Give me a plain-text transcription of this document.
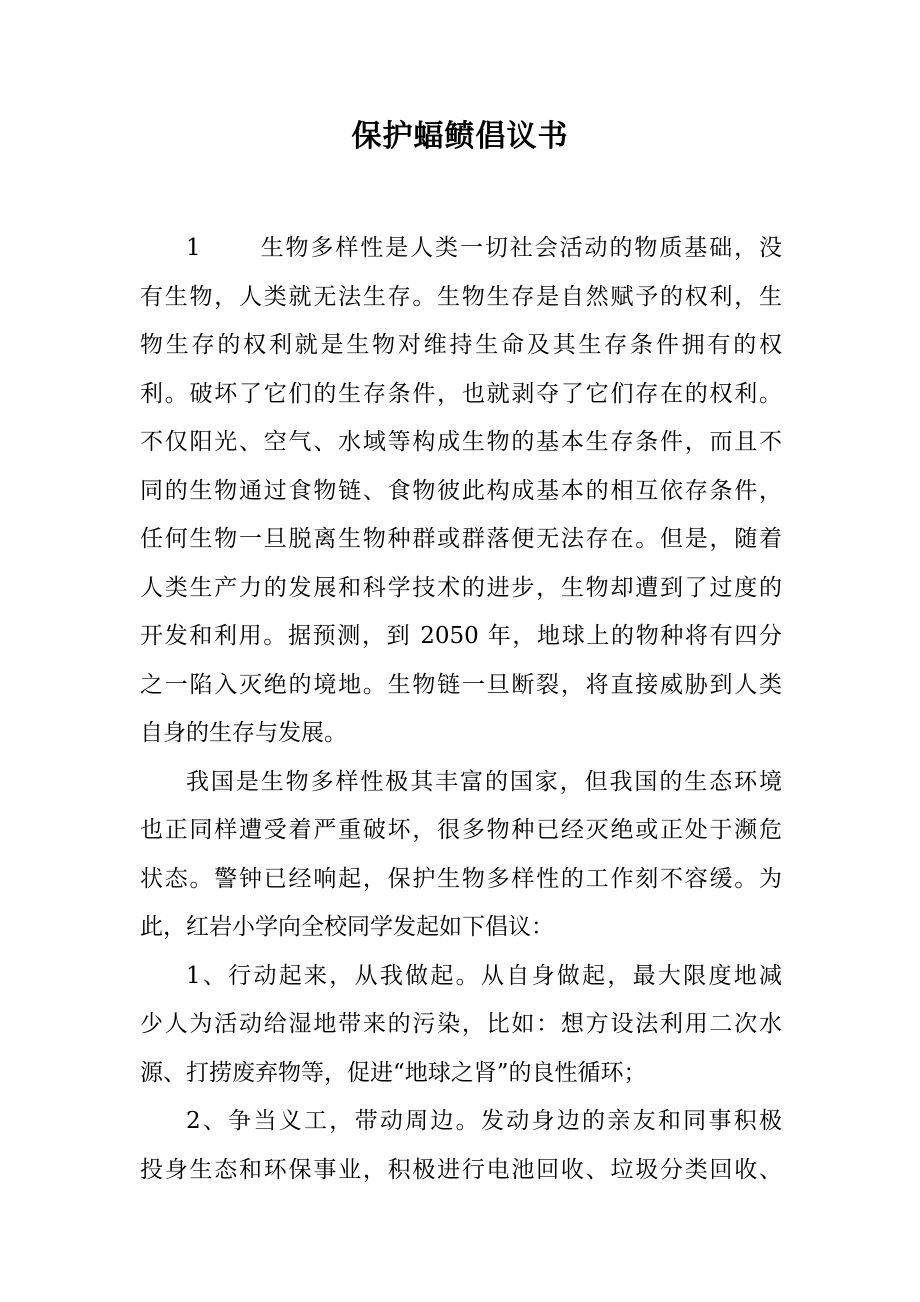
保护蝠鲼倡议书
1	生物多样性是人类一切社会活动的物质基础，没
有生物，人类就无法生存。生物生存是自然赋予的权利，生
物生存的权利就是生物对维持生命及其生存条件拥有的权
利。破坏了它们的生存条件，也就剥夺了它们存在的权利。
不仅阳光、空气、水域等构成生物的基本生存条件，而且不
同的生物通过食物链、食物彼此构成基本的相互依存条件，
任何生物一旦脱离生物种群或群落便无法存在。但是，随着
人类生产力的发展和科学技术的进步，生物却遭到了过度的
开发和利用。据预测，到 2050 年，地球上的物种将有四分
之一陷入灭绝的境地。生物链一旦断裂，将直接威胁到人类
自身的生存与发展。
我国是生物多样性极其丰富的国家，但我国的生态环境
也正同样遭受着严重破坏，很多物种已经灭绝或正处于濒危
状态。警钟已经响起，保护生物多样性的工作刻不容缓。为
此，红岩小学向全校同学发起如下倡议：
1、行动起来，从我做起。从自身做起，最大限度地减
少人为活动给湿地带来的污染，比如：想方设法利用二次水
源、打捞废弃物等，促进“地球之肾”的良性循环；
2、争当义工，带动周边。发动身边的亲友和同事积极
投身生态和环保事业，积极进行电池回收、垃圾分类回收、
